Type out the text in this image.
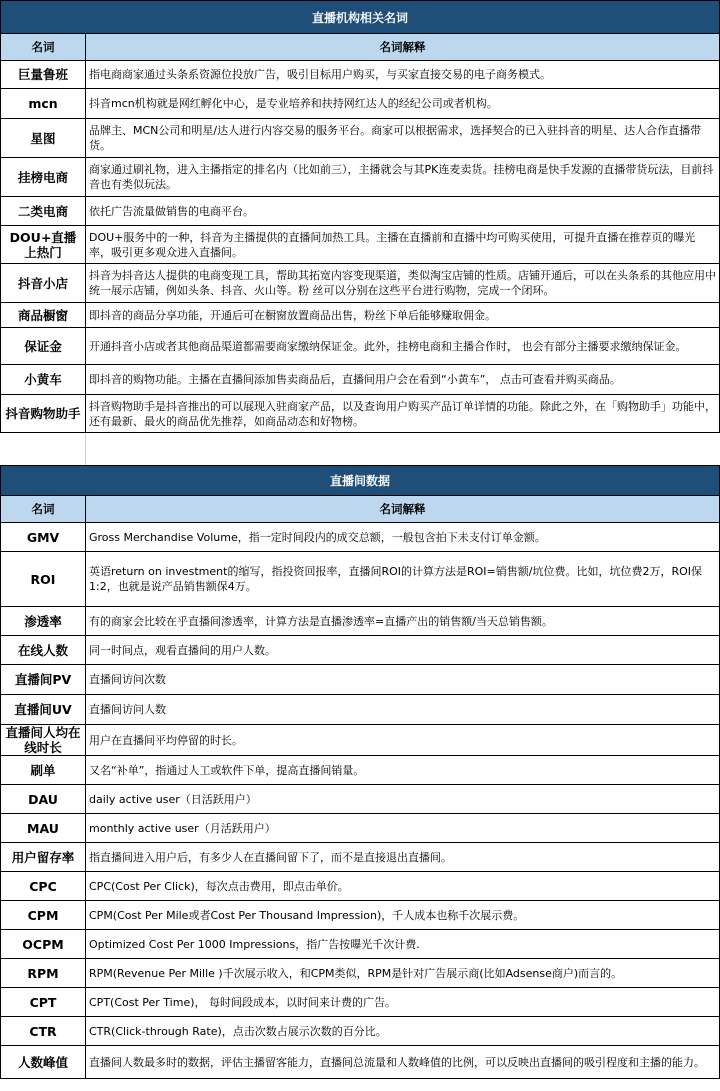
直播机构相关名词	
名词	名词解释
巨量鲁班	指电商商家通过头条系资源位投放广告，吸引目标用户购买，与买家直接交易的电子商务模式。
mcn	抖音mcn机构就是网红孵化中心，是专业培养和扶持网红达人的经纪公司或者机构。
星图	品牌主、MCN公司和明星/达人进行内容交易的服务平台。商家可以根据需求，选择契合的已入驻抖音的明星、达人合作直播带货。
挂榜电商	商家通过刷礼物，进入主播指定的排名内（比如前三），主播就会与其PK连麦卖货。挂榜电商是快手发源的直播带货玩法，目前抖音也有类似玩法。
二类电商	依托广告流量做销售的电商平台。
DOU+直播上热门	DOU+服务中的一种，抖音为主播提供的直播间加热工具。主播在直播前和直播中均可购买使用，可提升直播在推荐页的曝光率，吸引更多观众进入直播间。
抖音小店	抖音为抖音达人提供的电商变现工具，帮助其拓宽内容变现渠道，类似淘宝店铺的性质。店铺开通后，可以在头条系的其他应用中统一展示店铺，例如头条、抖音、火山等。粉 丝可以分别在这些平台进行购物，完成一个闭环。
商品橱窗	即抖音的商品分享功能，开通后可在橱窗放置商品出售，粉丝下单后能够赚取佣金。
保证金	开通抖音小店或者其他商品渠道都需要商家缴纳保证金。此外，挂榜电商和主播合作时， 也会有部分主播要求缴纳保证金。
小黄车	即抖音的购物功能。主播在直播间添加售卖商品后，直播间用户会在看到“小黄车”， 点击可查看并购买商品。
抖音购物助手	抖音购物助手是抖音推出的可以展现入驻商家产品，以及查询用户购买产品订单详情的功能。除此之外，在「购物助手」功能中，还有最新、最火的商品优先推荐，如商品动态和好物榜。
直播间数据	
名词	名词解释
GMV	Gross Merchandise Volume，指一定时间段内的成交总额，一般包含拍下未支付订单金额。
ROI	英语return on investment的缩写，指投资回报率，直播间ROI的计算方法是ROI=销售额/坑位费。比如，坑位费2万，ROI保1:2，也就是说产品销售额保4万。
渗透率	有的商家会比较在乎直播间渗透率，计算方法是直播渗透率=直播产出的销售额/当天总销售额。
在线人数	同一时间点，观看直播间的用户人数。
直播间PV	直播间访问次数
直播间UV	直播间访问人数
直播间人均在线时长	用户在直播间平均停留的时长。
刷单	又名“补单”，指通过人工或软件下单，提高直播间销量。
DAU	daily active user（日活跃用户）
MAU	monthly active user（月活跃用户）
用户留存率	指直播间进入用户后，有多少人在直播间留下了，而不是直接退出直播间。
CPC	CPC(Cost Per Click)，每次点击费用，即点击单价。
CPM	CPM(Cost Per Mile或者Cost Per Thousand Impression)，千人成本也称千次展示费。
OCPM	Optimized Cost Per 1000 Impressions，指广告按曝光千次计费.
RPM	RPM(Revenue Per Mille )千次展示收入，和CPM类似，RPM是针对广告展示商(比如Adsense商户)而言的。
CPT	CPT(Cost Per Time)， 每时间段成本，以时间来计费的广告。
CTR	CTR(Click-through Rate)，点击次数占展示次数的百分比。
人数峰值	直播间人数最多时的数据，评估主播留客能力，直播间总流量和人数峰值的比例，可以反映出直播间的吸引程度和主播的能力。
